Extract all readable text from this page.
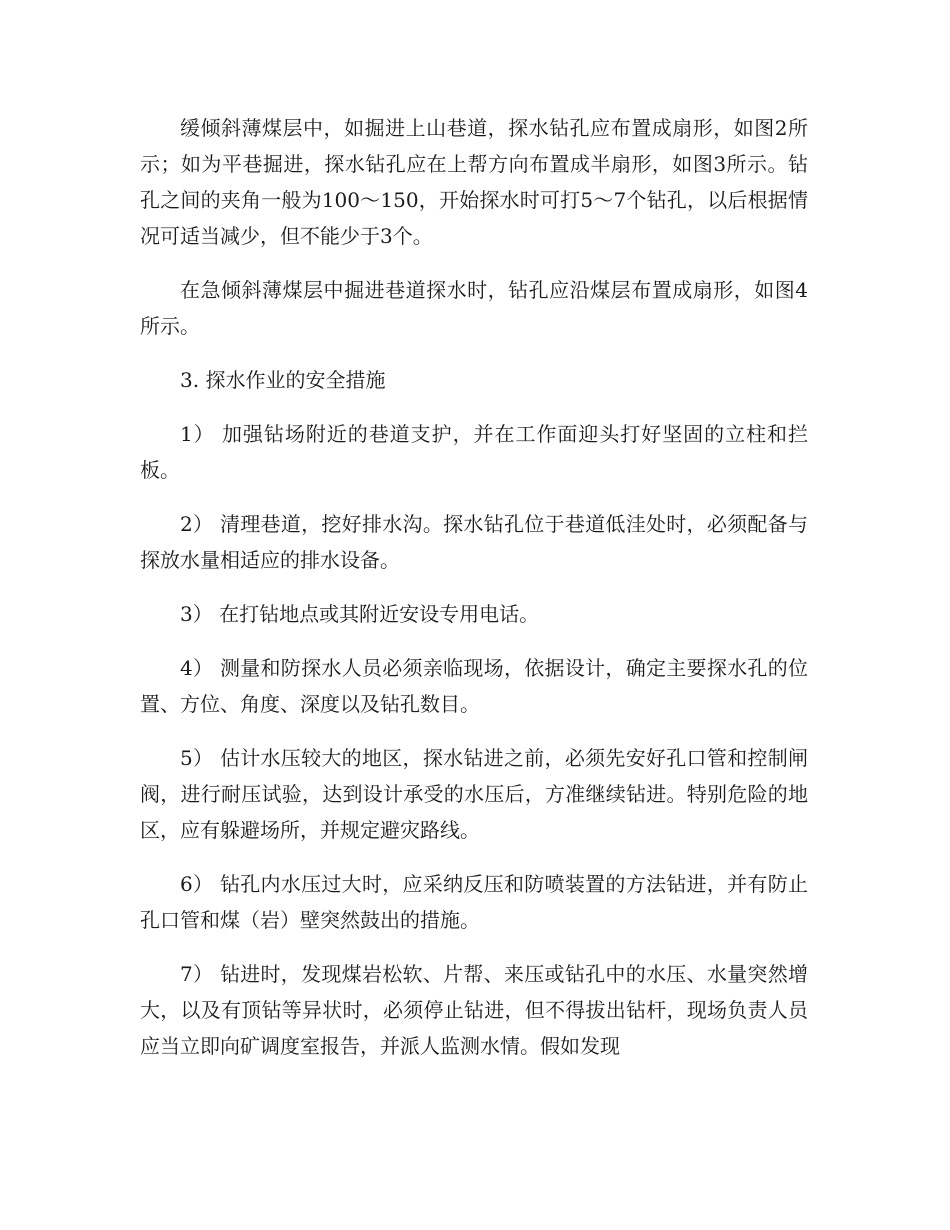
缓倾斜薄煤层中，如掘进上山巷道，探水钻孔应布置成扇形，如图2所示；如为平巷掘进，探水钻孔应在上帮方向布置成半扇形，如图3所示。钻孔之间的夹角一般为100～150，开始探水时可打5～7个钻孔，以后根据情况可适当减少，但不能少于3个。

在急倾斜薄煤层中掘进巷道探水时，钻孔应沿煤层布置成扇形，如图4所示。

3. 探水作业的安全措施

1） 加强钻场附近的巷道支护，并在工作面迎头打好坚固的立柱和拦板。

2） 清理巷道，挖好排水沟。探水钻孔位于巷道低洼处时，必须配备与探放水量相适应的排水设备。

3） 在打钻地点或其附近安设专用电话。

4） 测量和防探水人员必须亲临现场，依据设计，确定主要探水孔的位置、方位、角度、深度以及钻孔数目。

5） 估计水压较大的地区，探水钻进之前，必须先安好孔口管和控制闸阀，进行耐压试验，达到设计承受的水压后，方准继续钻进。特别危险的地区，应有躲避场所，并规定避灾路线。

6） 钻孔内水压过大时，应采纳反压和防喷装置的方法钻进，并有防止孔口管和煤（岩）壁突然鼓出的措施。

7） 钻进时，发现煤岩松软、片帮、来压或钻孔中的水压、水量突然增大，以及有顶钻等异状时，必须停止钻进，但不得拔出钻杆，现场负责人员应当立即向矿调度室报告，并派人监测水情。假如发现
